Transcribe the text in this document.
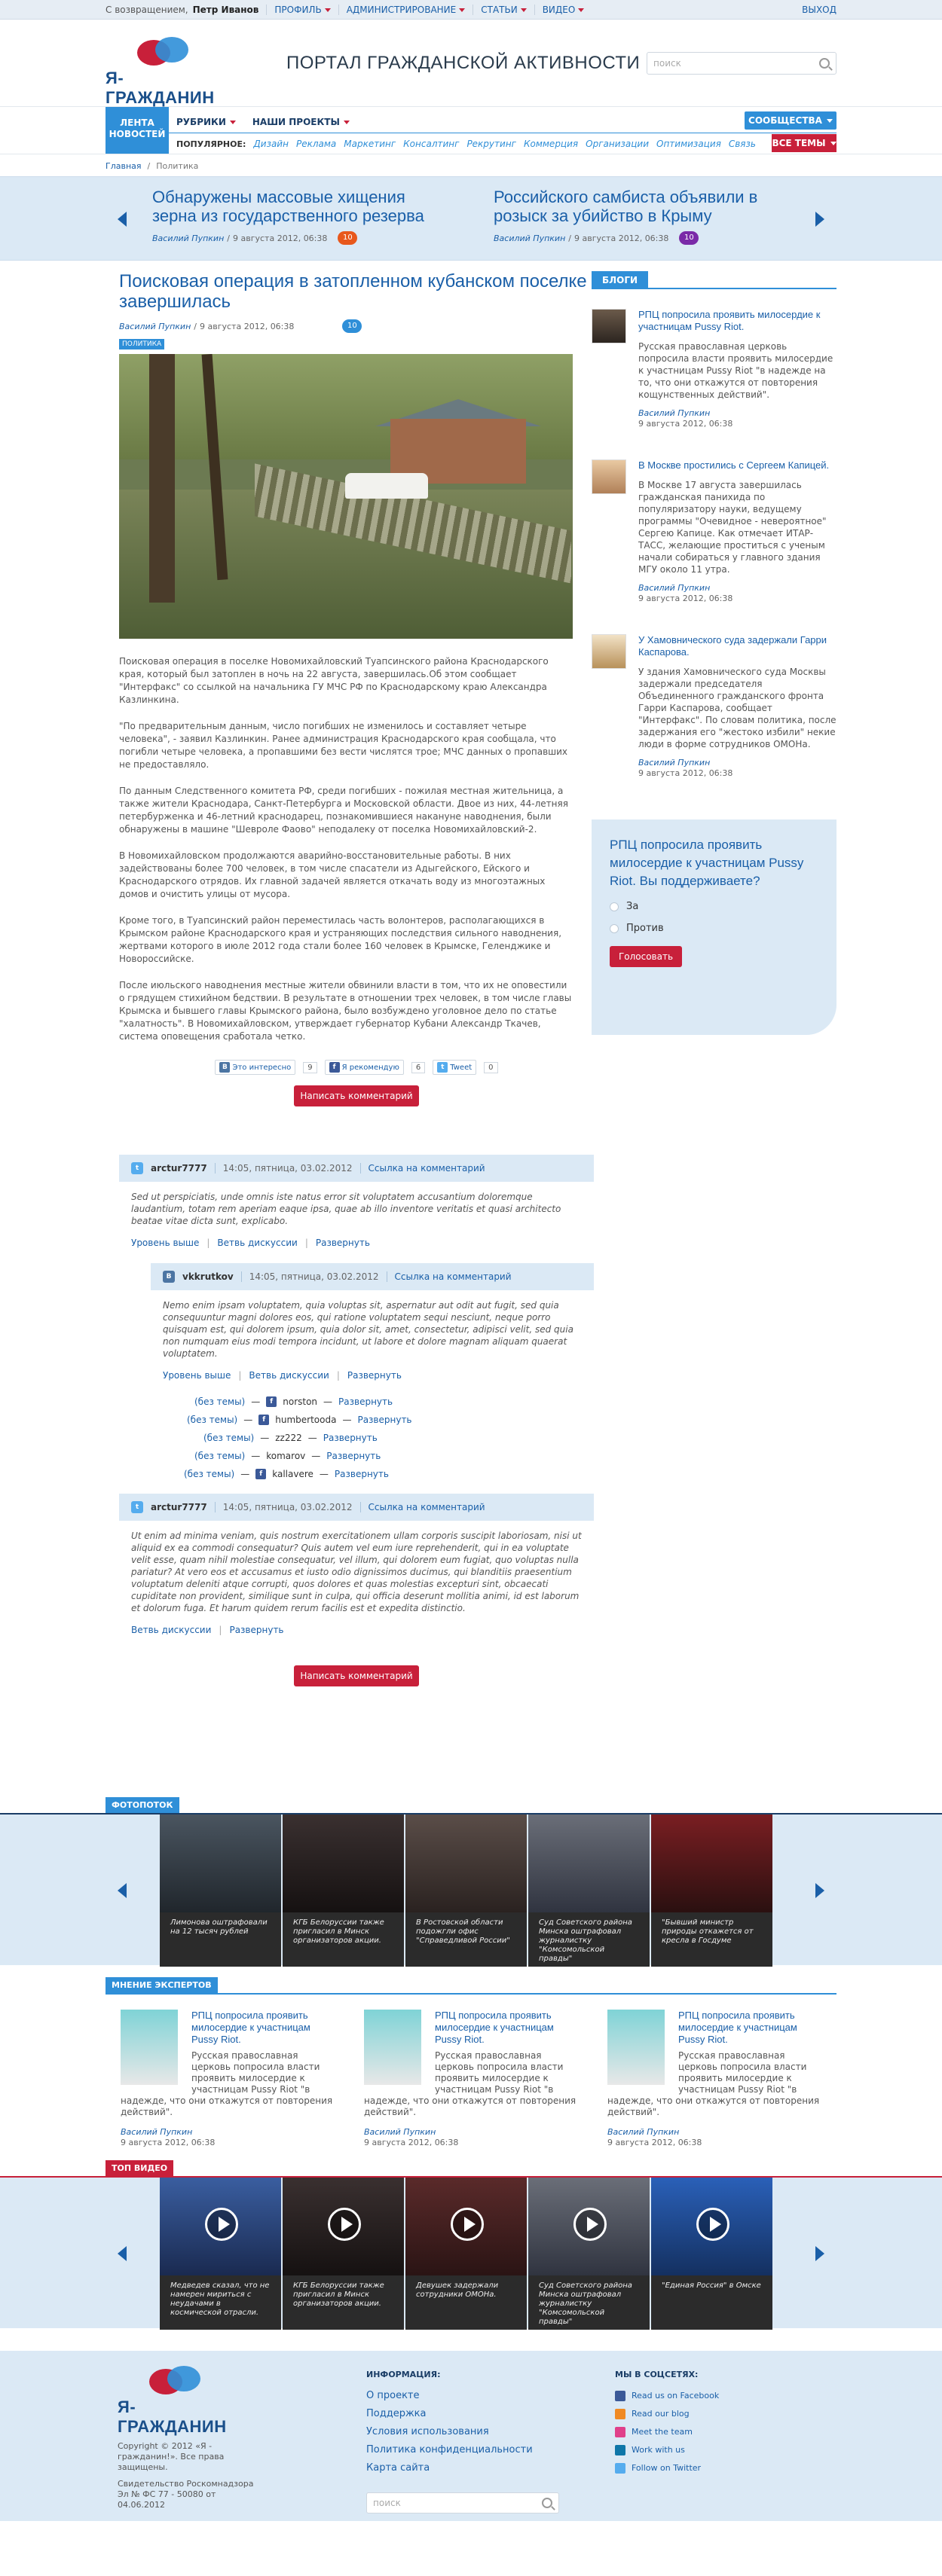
С возвращением, Петр Иванов ПРОФИЛЬ	АДМИНИСТРИРОВАНИЕ	СТАТЬИ	ВИДЕО	ВЫХОД
Я-ГРАЖДАНИН
ПОРТАЛ ГРАЖДАНСКОЙ АКТИВНОСТИ поиск
ЛЕНТА
НОВОСТЕЙ
РУБРИКИ	НАШИ ПРОЕКТЫ
ПОПУЛЯРНОЕ: Дизайн Реклама Маркетинг Консалтинг Рекрутинг Коммерция Организации Оптимизация Связь
СООБЩЕСТВА
ВСЕ ТЕМЫ
Главная / Политика
Обнаружены массовые хищения зерна из государственного резерва
Василий Пупкин / 9 августа 2012, 06:38	10
Российского самбиста объявили в розыск за убийство в Крыму
Василий Пупкин / 9 августа 2012, 06:38	10
Поисковая операция в затопленном кубанском поселке завершилась
Василий Пупкин / 9 августа 2012, 06:38	10
ПОЛИТИКА

Поисковая операция в поселке Новомихайловский Туапсинского района Краснодарского края, который был затоплен в ночь на 22 августа, завершилась.Об этом сообщает "Интерфакс" со ссылкой на начальника ГУ МЧС РФ по Краснодарскому краю Александра Казлинкина.

"По предварительным данным, число погибших не изменилось и составляет четыре человека", - заявил Казлинкин. Ранее администрация Краснодарского края сообщала, что погибли четыре человека, а пропавшими без вести числятся трое; МЧС данных о пропавших не предоставляло.

По данным Следственного комитета РФ, среди погибших - пожилая местная жительница, а также жители Краснодара, Санкт-Петербурга и Московской области. Двое из них, 44-летняя петербурженка и 46-летний краснодарец, познакомившиеся накануне наводнения, были обнаружены в машине "Шевроле Фаово" неподалеку от поселка Новомихайловский-2.

В Новомихайловском продолжаются аварийно-восстановительные работы. В них задействованы более 700 человек, в том числе спасатели из Адыгейского, Ейского и Краснодарского отрядов. Их главной задачей является откачать воду из многоэтажных домов и очистить улицы от мусора.

Кроме того, в Туапсинский район переместилась часть волонтеров, располагающихся в Крымском районе Краснодарского края и устраняющих последствия сильного наводнения, жертвами которого в июле 2012 года стали более 160 человек в Крымске, Геленджике и Новороссийске.

После июльского наводнения местные жители обвинили власти в том, что их не оповестили о грядущем стихийном бедствии. В результате в отношении трех человек, в том числе главы Крымска и бывшего главы Крымского района, было возбуждено уголовное дело по статье "халатность". В Новомихайловском, утверждает губернатор Кубани Александр Ткачев, система оповещения сработала четко.

B Это интересно	9	f Я рекомендую	6	t Tweet	0
Написать комментарий
t	arctur7777 14:05, пятница, 03.02.2012 Ссылка на комментарий
Sed ut perspiciatis, unde omnis iste natus error sit voluptatem accusantium doloremque laudantium, totam rem aperiam eaque ipsa, quae ab illo inventore veritatis et quasi architecto beatae vitae dicta sunt, explicabo.
Уровень выше | Ветвь дискуссии | Развернуть
B	vkkrutkov 14:05, пятница, 03.02.2012 Ссылка на комментарий
Nemo enim ipsam voluptatem, quia voluptas sit, aspernatur aut odit aut fugit, sed quia consequuntur magni dolores eos, qui ratione voluptatem sequi nesciunt, neque porro quisquam est, qui dolorem ipsum, quia dolor sit, amet, consectetur, adipisci velit, sed quia non numquam eius modi tempora incidunt, ut labore et dolore magnam aliquam quaerat voluptatem.
Уровень выше | Ветвь дискуссии | Развернуть
(без темы) —	f	norston — Развернуть
(без темы) —	f	humbertooda — Развернуть
(без темы) — zz222 — Развернуть
(без темы) — komarov — Развернуть
(без темы) —	f	kallavere — Развернуть
t	arctur7777 14:05, пятница, 03.02.2012 Ссылка на комментарий
Ut enim ad minima veniam, quis nostrum exercitationem ullam corporis suscipit laboriosam, nisi ut aliquid ex ea commodi consequatur? Quis autem vel eum iure reprehenderit, qui in ea voluptate velit esse, quam nihil molestiae consequatur, vel illum, qui dolorem eum fugiat, quo voluptas nulla pariatur? At vero eos et accusamus et iusto odio dignissimos ducimus, qui blanditiis praesentium voluptatum deleniti atque corrupti, quos dolores et quas molestias excepturi sint, obcaecati cupiditate non provident, similique sunt in culpa, qui officia deserunt mollitia animi, id est laborum et dolorum fuga. Et harum quidem rerum facilis est et expedita distinctio.
Ветвь дискуссии | Развернуть
Написать комментарий
БЛОГИ
РПЦ попросила проявить милосердие к участницам Pussy Riot.
Русская православная церковь попросила власти проявить милосердие к участницам Pussy Riot "в надежде на то, что они откажутся от повторения кощунственных действий".
Василий Пупкин
9 августа 2012, 06:38
В Москве простились с Сергеем Капицей.
В Москве 17 августа завершилась гражданская панихида по популяризатору науки, ведущему программы "Очевидное - невероятное" Сергею Капице. Как отмечает ИТАР-ТАСС, желающие проститься с ученым начали собираться у главного здания МГУ около 11 утра.
Василий Пупкин
9 августа 2012, 06:38
У Хамовнического суда задержали Гарри Каспарова.
У здания Хамовнического суда Москвы задержали председателя Объединенного гражданского фронта Гарри Каспарова, сообщает "Интерфакс". По словам политика, после задержания его "жестоко избили" некие люди в форме сотрудников ОМОНа.
Василий Пупкин
9 августа 2012, 06:38
РПЦ попросила проявить милосердие к участницам Pussy Riot. Вы поддерживаете?
За
Против
Голосовать
ФОТОПОТОК
Лимонова оштрафовали на 12 тысяч рублей
КГБ Белоруссии также пригласил в Минск организаторов акции.
В Ростовской области подожгли офис "Справедливой России"
Суд Советского района Минска оштрафовал журналистку "Комсомольской правды"
"Бывший министр природы откажется от кресла в Госдуме
МНЕНИЕ ЭКСПЕРТОВ
РПЦ попросила проявить милосердие к участницам Pussy Riot.
Русская православная церковь попросила власти проявить милосердие к участницам Pussy Riot "в надежде, что они откажутся от повторения действий".
Василий Пупкин
9 августа 2012, 06:38
РПЦ попросила проявить милосердие к участницам Pussy Riot.
Русская православная церковь попросила власти проявить милосердие к участницам Pussy Riot "в надежде, что они откажутся от повторения действий".
Василий Пупкин
9 августа 2012, 06:38
РПЦ попросила проявить милосердие к участницам Pussy Riot.
Русская православная церковь попросила власти проявить милосердие к участницам Pussy Riot "в надежде, что они откажутся от повторения действий".
Василий Пупкин
9 августа 2012, 06:38
ТОП ВИДЕО
Медведев сказал, что не намерен мириться с неудачами в космической отрасли.
КГБ Белоруссии также пригласил в Минск организаторов акции.
Девушек задержали сотрудники ОМОНа.
Суд Советского района Минска оштрафовал журналистку "Комсомольской правды"
"Единая Россия" в Омске
Я-ГРАЖДАНИН
Copyright © 2012 «Я - гражданин!». Все права защищены.
Свидетельство Роскомнадзора Эл № ФС 77 - 50080 от 04.06.2012
ИНФОРМАЦИЯ:
О проекте
Поддержка
Условия использования
Политика конфиденциальности
Карта сайта
поиск
МЫ В СОЦСЕТЯХ:
Read us on Facebook
Read our blog
Meet the team
Work with us
Follow on Twitter
